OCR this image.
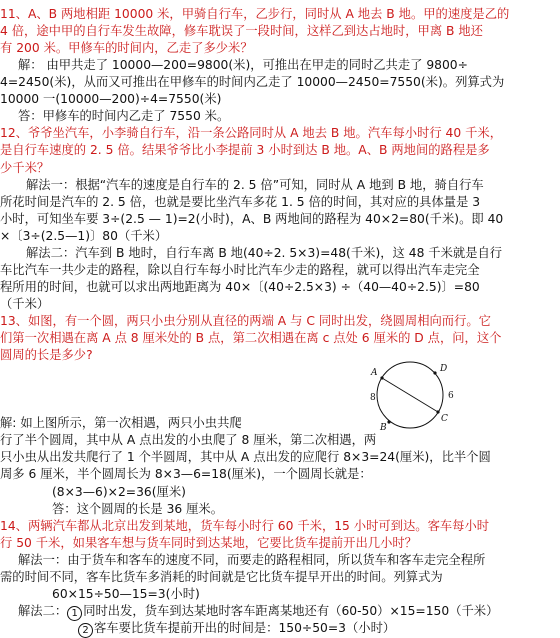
11、A、B 两地相距 10000 米，甲骑自行车，乙步行，同时从 A 地去 B 地。甲的速度是乙的
4 倍，途中甲的自行车发生故障，修车耽误了一段时间，这样乙到达占地时，甲离 B 地还
有 200 米。甲修车的时间内，乙走了多少米？
解： 由甲共走了 10000—200=9800(米)，可推出在甲走的同时乙共走了 9800÷
4=2450(米)，从而又可推出在甲修车的时间内乙走了 10000—2450=7550(米)。列算式为
10000 一(10000—200)÷4=7550(米)
答：甲修车的时间内乙走了 7550 米。
12、爷爷坐汽车，小李骑自行车，沿一条公路同时从 A 地去 B 地。汽车每小时行 40 千米，
是自行车速度的 2. 5 倍。结果爷爷比小李提前 3 小时到达 B 地。A、B 两地间的路程是多
少千米？
解法一：根据“汽车的速度是自行车的 2. 5 倍”可知，同时从 A 地到 B 地，骑自行车
所花时间是汽车的 2. 5 倍，也就是要比坐汽车多花 1. 5 倍的时间，其对应的具体量是 3
小时，可知坐车要 3÷(2.5 — 1)=2(小时)，A、B 两地间的路程为 40×2=80(千米)。即 40
×〔3÷(2.5—1)〕80（千米）
解法二：汽车到 B 地时，自行车离 B 地(40÷2. 5×3)=48(千米)，这 48 千米就是自行
车比汽车一共少走的路程，除以自行车每小时比汽车少走的路程，就可以得出汽车走完全
程所用的时间，也就可以求出两地距离为 40×〔(40÷2.5×3) ÷（40—40÷2.5)〕=80
（千米）
13、如图，有一个圆，两只小虫分别从直径的两端 A 与 C 同时出发，绕圆周相向而行。它
们第一次相遇在离 A 点 8 厘米处的 B 点，第二次相遇在离 c 点处 6 厘米的 D 点，问，这个
圆周的长是多少?
A
B
C
D
8	6
解: 如上图所示，第一次相遇，两只小虫共爬
行了半个圆周，其中从 A 点出发的小虫爬了 8 厘米，第二次相遇，两
只小虫从出发共爬行了 1 个半圆周，其中从 A 点出发的应爬行 8×3=24(厘米)，比半个圆
周多 6 厘米，半个圆周长为 8×3—6=18(厘米)，一个圆周长就是：
(8×3—6)×2=36(厘米)
答：这个圆周的长是 36 厘米。
14、两辆汽车都从北京出发到某地，货车每小时行 60 千米，15 小时可到达。客车每小时
行 50 千米，如果客车想与货车同时到达某地，它要比货车提前开出几小时？
解法一：由于货车和客车的速度不同，而要走的路程相同，所以货车和客车走完全程所
需的时间不同，客车比货车多消耗的时间就是它比货车提早开出的时间。列算式为
60×15÷50—15=3(小时)
解法二： 1 同时出发，货车到达某地时客车距离某地还有（60-50）×15=150（千米）
2 客车要比货车提前开出的时间是：150÷50=3（小时）
